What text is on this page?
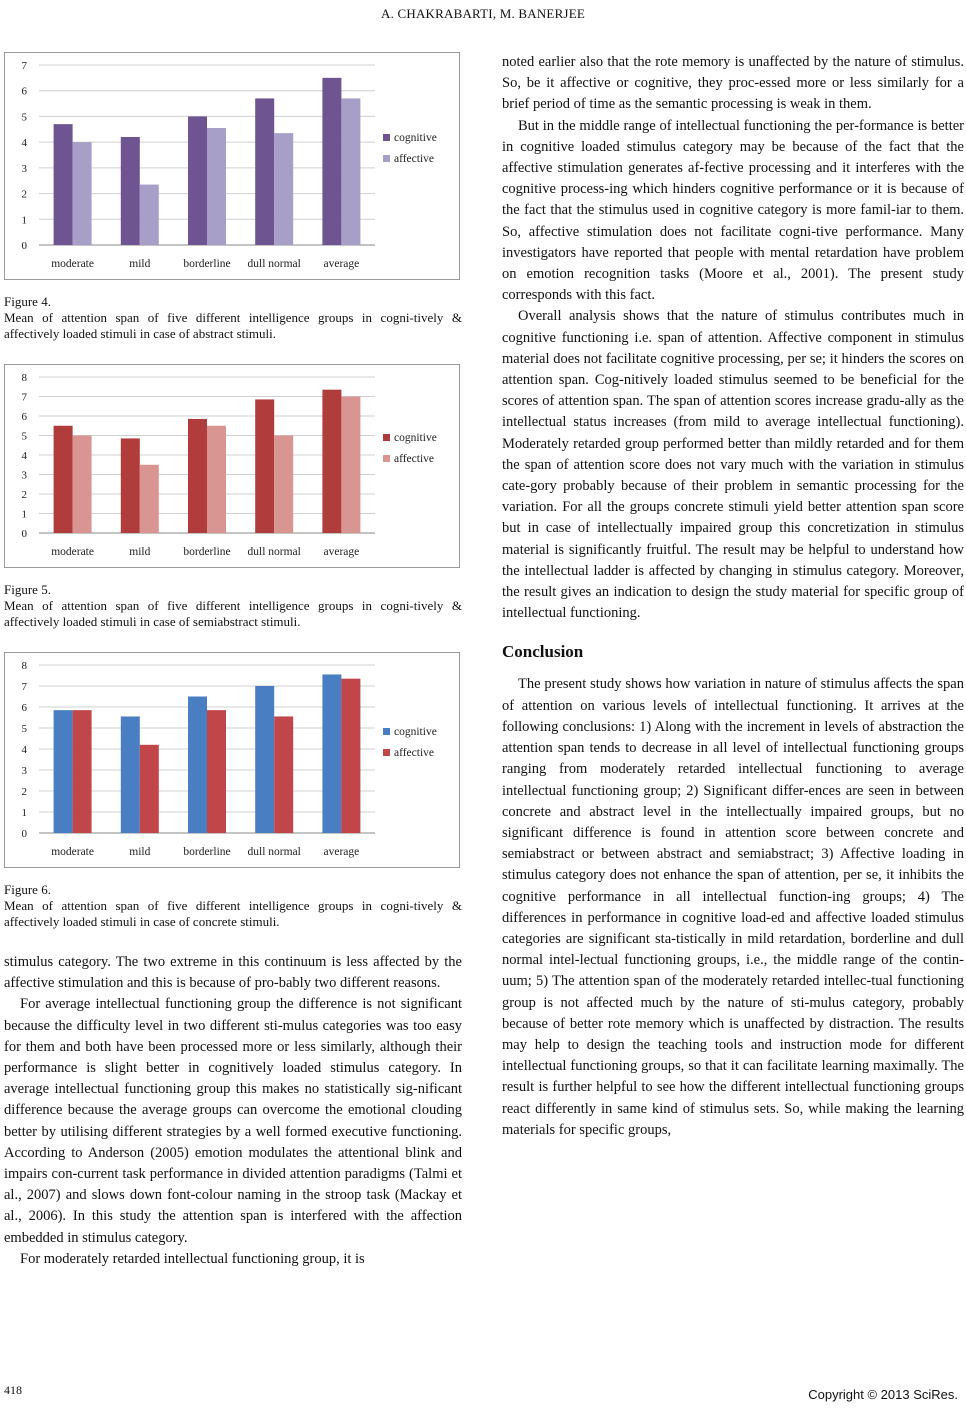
A. CHAKRABARTI, M. BANERJEE
0
1
2
3
4
5
6
7
moderate	mild	borderline dull normal average
cognitive
affective

Figure 4.

Mean of attention span of five different intelligence groups in cogni-tively & affectively loaded stimuli in case of abstract stimuli.

0
1
2
3
4
5
6
7
8
moderate	mild	borderline dull normal average
cognitive
affective

Figure 5.

Mean of attention span of five different intelligence groups in cogni-tively & affectively loaded stimuli in case of semiabstract stimuli.

0
1
2
3
4
5
6
7
8
moderate	mild	borderline dull normal average
cognitive
affective

Figure 6.

Mean of attention span of five different intelligence groups in cogni-tively & affectively loaded stimuli in case of concrete stimuli.

stimulus category. The two extreme in this continuum is less affected by the affective stimulation and this is because of pro-bably two different reasons.

For average intellectual functioning group the difference is not significant because the difficulty level in two different sti-mulus categories was too easy for them and both have been processed more or less similarly, although their performance is slight better in cognitively loaded stimulus category. In average intellectual functioning group this makes no statistically sig-nificant difference because the average groups can overcome the emotional clouding better by utilising different strategies by a well formed executive functioning. According to Anderson (2005) emotion modulates the attentional blink and impairs con-current task performance in divided attention paradigms (Talmi et al., 2007) and slows down font-colour naming in the stroop task (Mackay et al., 2006). In this study the attention span is interfered with the affection embedded in stimulus category.

For moderately retarded intellectual functioning group, it is

noted earlier also that the rote memory is unaffected by the nature of stimulus. So, be it affective or cognitive, they proc-essed more or less similarly for a brief period of time as the semantic processing is weak in them.

But in the middle range of intellectual functioning the per-formance is better in cognitive loaded stimulus category may be because of the fact that the affective stimulation generates af-fective processing and it interferes with the cognitive process-ing which hinders cognitive performance or it is because of the fact that the stimulus used in cognitive category is more famil-iar to them. So, affective stimulation does not facilitate cogni-tive performance. Many investigators have reported that people with mental retardation have problem on emotion recognition tasks (Moore et al., 2001). The present study corresponds with this fact.

Overall analysis shows that the nature of stimulus contributes much in cognitive functioning i.e. span of attention. Affective component in stimulus material does not facilitate cognitive processing, per se; it hinders the scores on attention span. Cog-nitively loaded stimulus seemed to be beneficial for the scores of attention span. The span of attention scores increase gradu-ally as the intellectual status increases (from mild to average intellectual functioning). Moderately retarded group performed better than mildly retarded and for them the span of attention score does not vary much with the variation in stimulus cate-gory probably because of their problem in semantic processing for the variation. For all the groups concrete stimuli yield better attention span score but in case of intellectually impaired group this concretization in stimulus material is significantly fruitful. The result may be helpful to understand how the intellectual ladder is affected by changing in stimulus category. Moreover, the result gives an indication to design the study material for specific group of intellectual functioning.

Conclusion

The present study shows how variation in nature of stimulus affects the span of attention on various levels of intellectual functioning. It arrives at the following conclusions: 1) Along with the increment in levels of abstraction the attention span tends to decrease in all level of intellectual functioning groups ranging from moderately retarded intellectual functioning to average intellectual functioning group; 2) Significant differ-ences are seen in between concrete and abstract level in the intellectually impaired groups, but no significant difference is found in attention score between concrete and semiabstract or between abstract and semiabstract; 3) Affective loading in stimulus category does not enhance the span of attention, per se, it inhibits the cognitive performance in all intellectual function-ing groups; 4) The differences in performance in cognitive load-ed and affective loaded stimulus categories are significant sta-tistically in mild retardation, borderline and dull normal intel-lectual functioning groups, i.e., the middle range of the contin-uum; 5) The attention span of the moderately retarded intellec-tual functioning group is not affected much by the nature of sti-mulus category, probably because of better rote memory which is unaffected by distraction. The results may help to design the teaching tools and instruction mode for different intellectual functioning groups, so that it can facilitate learning maximally. The result is further helpful to see how the different intellectual functioning groups react differently in same kind of stimulus sets. So, while making the learning materials for specific groups,

418	Copyright © 2013 SciRes.
